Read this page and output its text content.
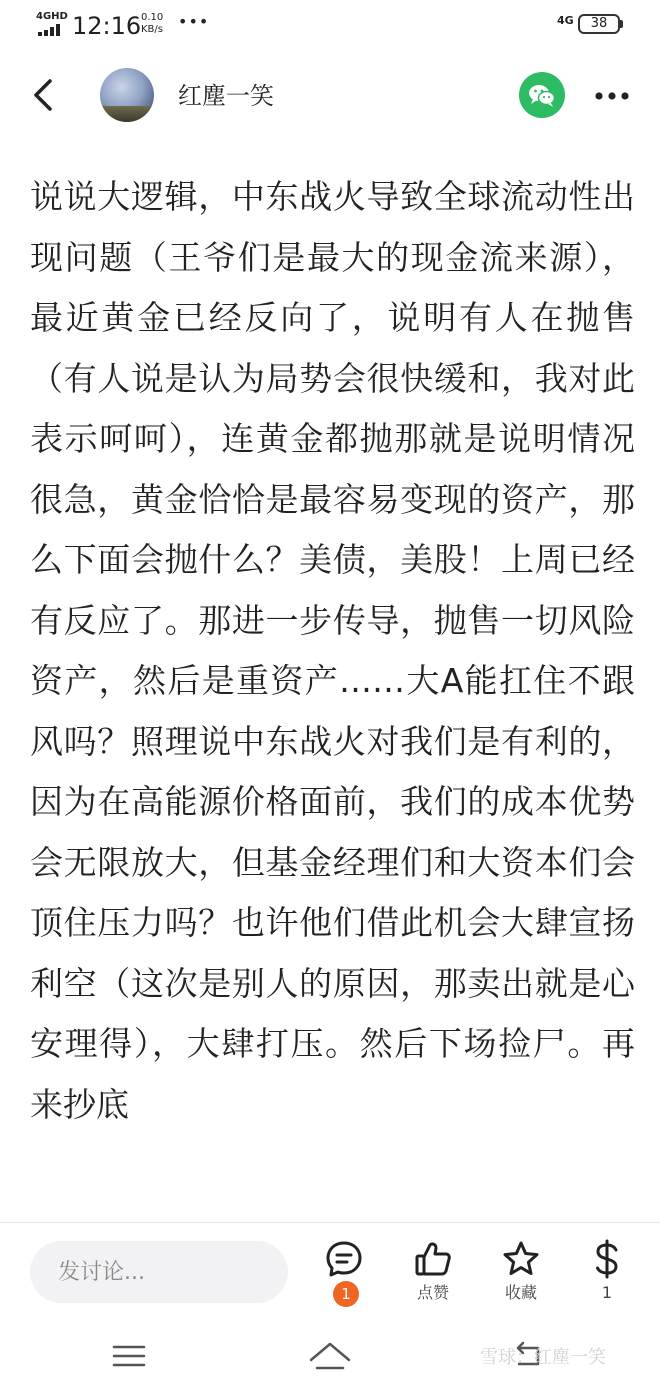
4GHD 12:16 0.10
KB/s •••	4G	38
红塵一笑
说说大逻辑，中东战火导致全球流动性出现问题（王爷们是最大的现金流来源），最近黄金已经反向了，说明有人在抛售（有人说是认为局势会很快缓和，我对此表示呵呵），连黄金都抛那就是说明情况很急，黄金恰恰是最容易变现的资产，那么下面会抛什么？美债，美股！上周已经有反应了。那进一步传导，抛售一切风险资产，然后是重资产……大A能扛住不跟风吗？照理说中东战火对我们是有利的，因为在高能源价格面前，我们的成本优势会无限放大，但基金经理们和大资本们会顶住压力吗？也许他们借此机会大肆宣扬利空（这次是别人的原因，那卖出就是心安理得），大肆打压。然后下场捡尸。再来抄底
发讨论...
1	点赞	收藏	1
雪球：红塵一笑
